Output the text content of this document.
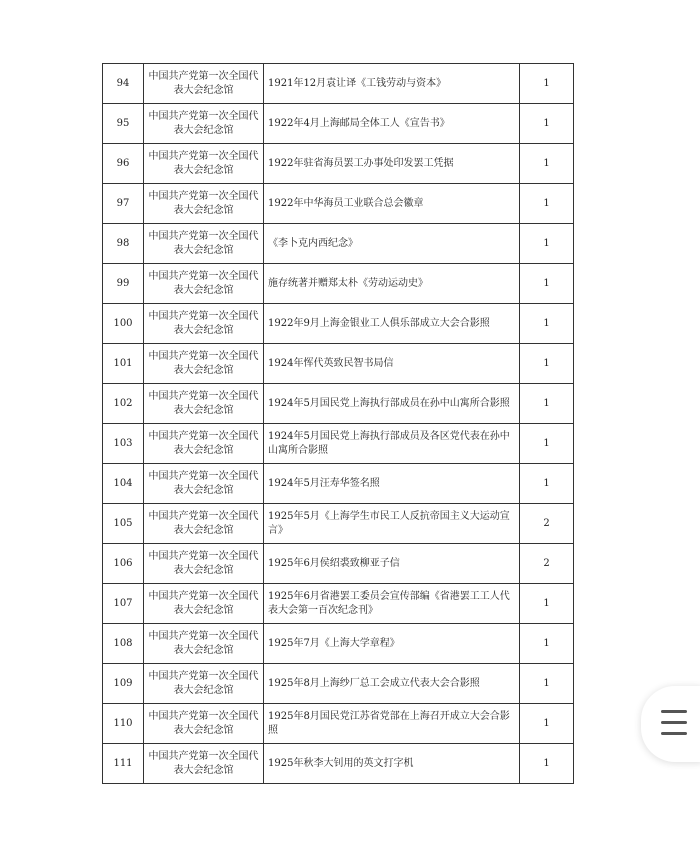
94	中国共产党第一次全国代表大会纪念馆	1921年12月袁让译《工钱劳动与资本》	1
95	中国共产党第一次全国代表大会纪念馆	1922年4月上海邮局全体工人《宣告书》	1
96	中国共产党第一次全国代表大会纪念馆	1922年驻省海员罢工办事处印发罢工凭据	1
97	中国共产党第一次全国代表大会纪念馆	1922年中华海员工业联合总会徽章	1
98	中国共产党第一次全国代表大会纪念馆	《李卜克内西纪念》	1
99	中国共产党第一次全国代表大会纪念馆	施存统著并赠郑太朴《劳动运动史》	1
100	中国共产党第一次全国代表大会纪念馆	1922年9月上海金银业工人俱乐部成立大会合影照	1
101	中国共产党第一次全国代表大会纪念馆	1924年恽代英致民智书局信	1
102	中国共产党第一次全国代表大会纪念馆	1924年5月国民党上海执行部成员在孙中山寓所合影照	1
103	中国共产党第一次全国代表大会纪念馆	1924年5月国民党上海执行部成员及各区党代表在孙中山寓所合影照	1
104	中国共产党第一次全国代表大会纪念馆	1924年5月汪寿华签名照	1
105	中国共产党第一次全国代表大会纪念馆	1925年5月《上海学生市民工人反抗帝国主义大运动宣言》	2
106	中国共产党第一次全国代表大会纪念馆	1925年6月侯绍裘致柳亚子信	2
107	中国共产党第一次全国代表大会纪念馆	1925年6月省港罢工委员会宣传部编《省港罢工工人代表大会第一百次纪念刊》	1
108	中国共产党第一次全国代表大会纪念馆	1925年7月《上海大学章程》	1
109	中国共产党第一次全国代表大会纪念馆	1925年8月上海纱厂总工会成立代表大会合影照	1
110	中国共产党第一次全国代表大会纪念馆	1925年8月国民党江苏省党部在上海召开成立大会合影照	1
111	中国共产党第一次全国代表大会纪念馆	1925年秋李大钊用的英文打字机	1
